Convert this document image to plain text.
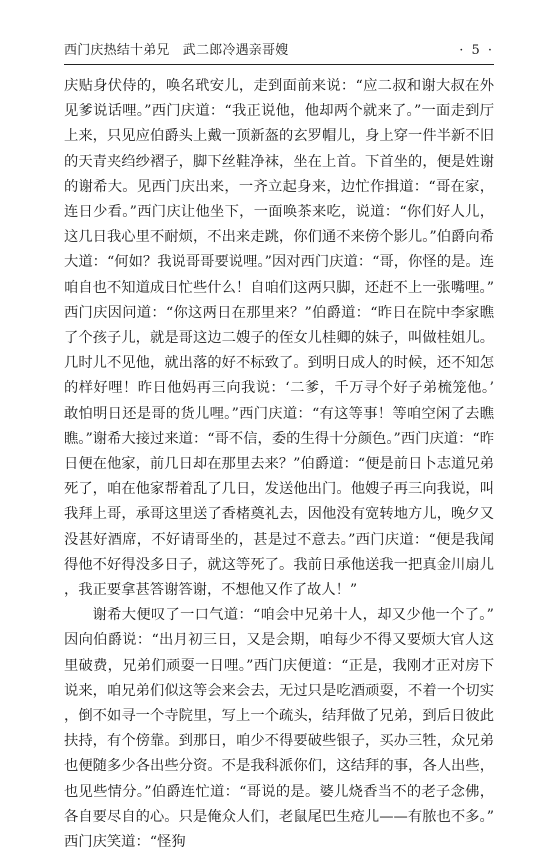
西门庆热结十弟兄　武二郎冷遇亲哥嫂	· 5 ·

庆贴身伏侍的，唤名玳安儿，走到面前来说：“应二叔和谢大叔在外见爹说话哩。”西门庆道：“我正说他，他却两个就来了。”一面走到厅上来，只见应伯爵头上戴一顶新盔的玄罗帽儿，身上穿一件半新不旧的天青夹绉纱褶子，脚下丝鞋净袜，坐在上首。下首坐的，便是姓谢的谢希大。见西门庆出来，一齐立起身来，边忙作揖道：“哥在家，连日少看。”西门庆让他坐下，一面唤茶来吃，说道：“你们好人儿，这几日我心里不耐烦，不出来走跳，你们通不来傍个影儿。”伯爵向希大道：“何如？我说哥哥要说哩。”因对西门庆道：“哥，你怪的是。连咱自也不知道成日忙些什么！自咱们这两只脚，还赶不上一张嘴哩。”西门庆因问道：“你这两日在那里来？”伯爵道：“昨日在院中李家瞧了个孩子儿，就是哥这边二嫂子的侄女儿桂卿的妹子，叫做桂姐儿。几时儿不见他，就出落的好不标致了。到明日成人的时候，还不知怎的样好哩！昨日他妈再三向我说：‘二爹，千万寻个好子弟梳笼他。’敢怕明日还是哥的货儿哩。”西门庆道：“有这等事！等咱空闲了去瞧瞧。”谢希大接过来道：“哥不信，委的生得十分颜色。”西门庆道：“昨日便在他家，前几日却在那里去来？”伯爵道：“便是前日卜志道兄弟死了，咱在他家帮着乱了几日，发送他出门。他嫂子再三向我说，叫我拜上哥，承哥这里送了香楮奠礼去，因他没有宽转地方儿，晚夕又没甚好酒席，不好请哥坐的，甚是过不意去。”西门庆道：“便是我闻得他不好得没多日子，就这等死了。我前日承他送我一把真金川扇儿，我正要拿甚答谢答谢，不想他又作了故人！”

谢希大便叹了一口气道：“咱会中兄弟十人，却又少他一个了。”因向伯爵说：“出月初三日，又是会期，咱每少不得又要烦大官人这里破费，兄弟们顽耍一日哩。”西门庆便道：“正是，我刚才正对房下说来，咱兄弟们似这等会来会去，无过只是吃酒顽耍，不着一个切实，倒不如寻一个寺院里，写上一个疏头，结拜做了兄弟，到后日彼此扶持，有个傍靠。到那日，咱少不得要破些银子，买办三牲，众兄弟也便随多少各出些分资。不是我科派你们，这结拜的事，各人出些，也见些情分。”伯爵连忙道：“哥说的是。婆儿烧香当不的老子念佛，各自要尽自的心。只是俺众人们，老鼠尾巴生疮儿——有脓也不多。”西门庆笑道：“怪狗
